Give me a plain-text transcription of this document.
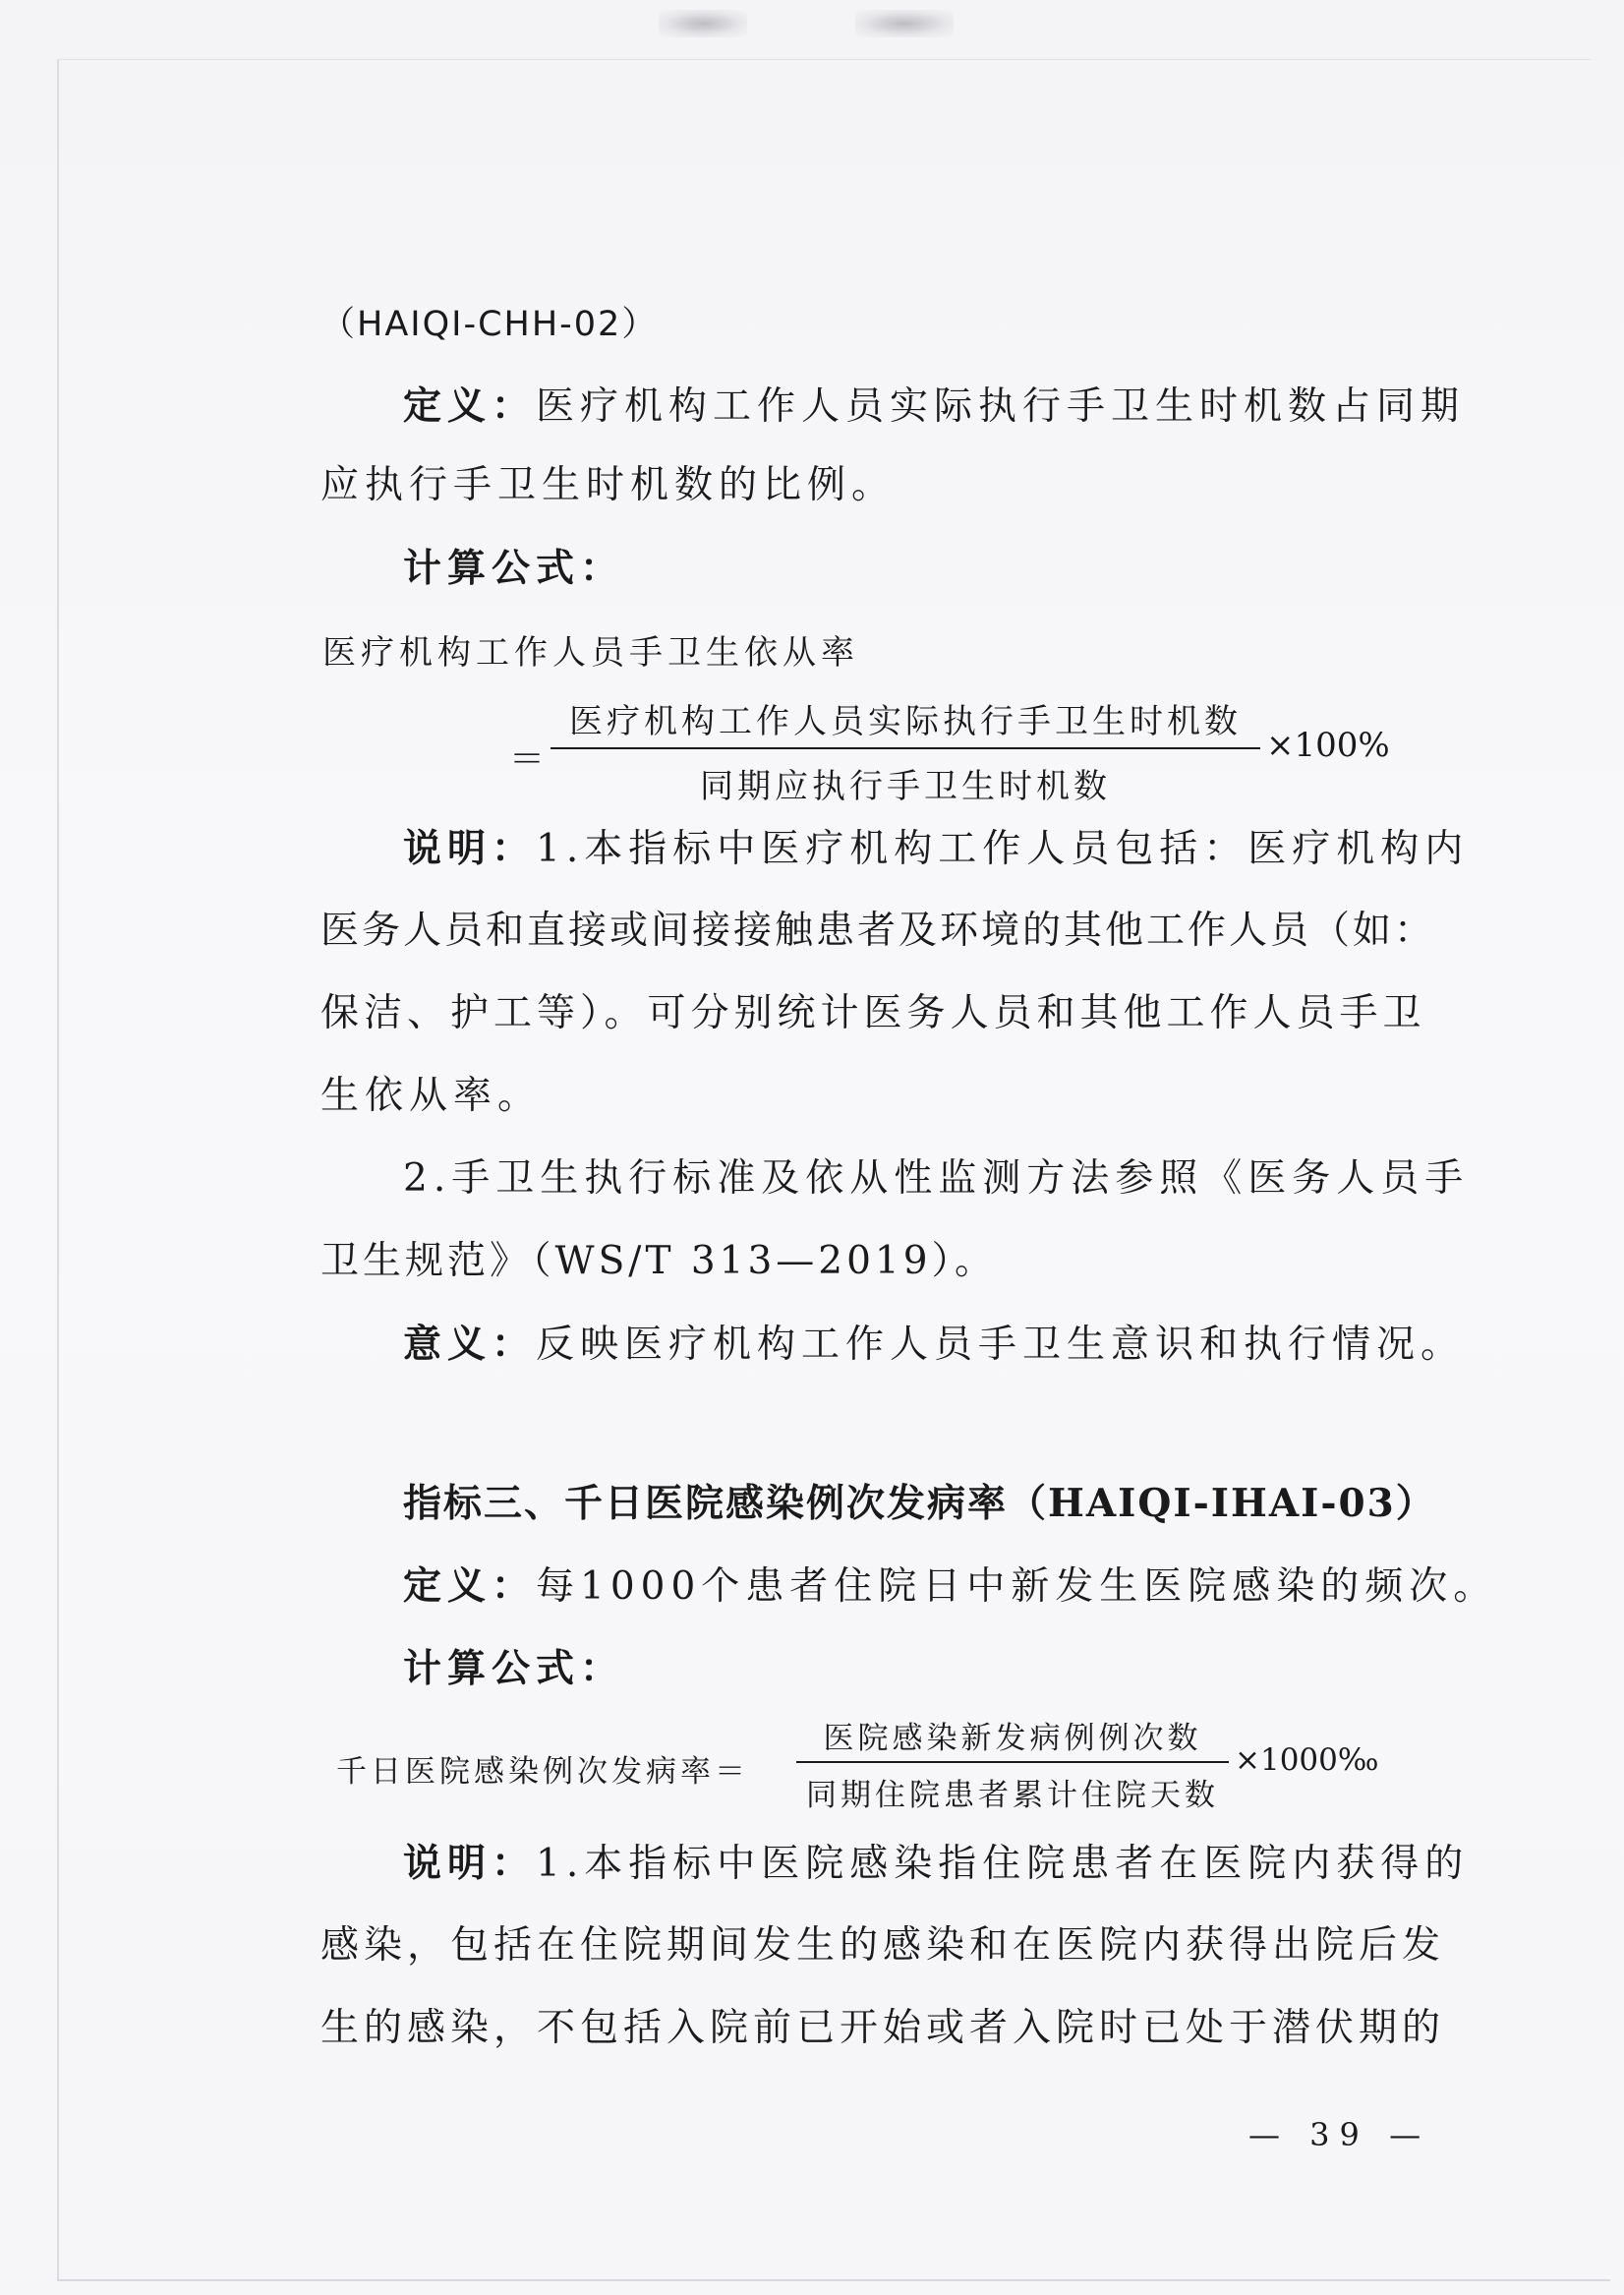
（HAIQI-CHH-02）
定义：医疗机构工作人员实际执行手卫生时机数占同期
应执行手卫生时机数的比例。
计算公式：
医疗机构工作人员手卫生依从率
＝
医疗机构工作人员实际执行手卫生时机数
同期应执行手卫生时机数
×100%
说明：1.本指标中医疗机构工作人员包括：医疗机构内
医务人员和直接或间接接触患者及环境的其他工作人员（如：
保洁、护工等）。可分别统计医务人员和其他工作人员手卫
生依从率。
2.手卫生执行标准及依从性监测方法参照《医务人员手
卫生规范》（WS/T 313—2019）。
意义：反映医疗机构工作人员手卫生意识和执行情况。
指标三、千日医院感染例次发病率（HAIQI-IHAI-03）
定义：每1000个患者住院日中新发生医院感染的频次。
计算公式：
千日医院感染例次发病率＝
医院感染新发病例例次数
同期住院患者累计住院天数
×1000‰
说明：1.本指标中医院感染指住院患者在医院内获得的
感染，包括在住院期间发生的感染和在医院内获得出院后发
生的感染，不包括入院前已开始或者入院时已处于潜伏期的
— 39 —
